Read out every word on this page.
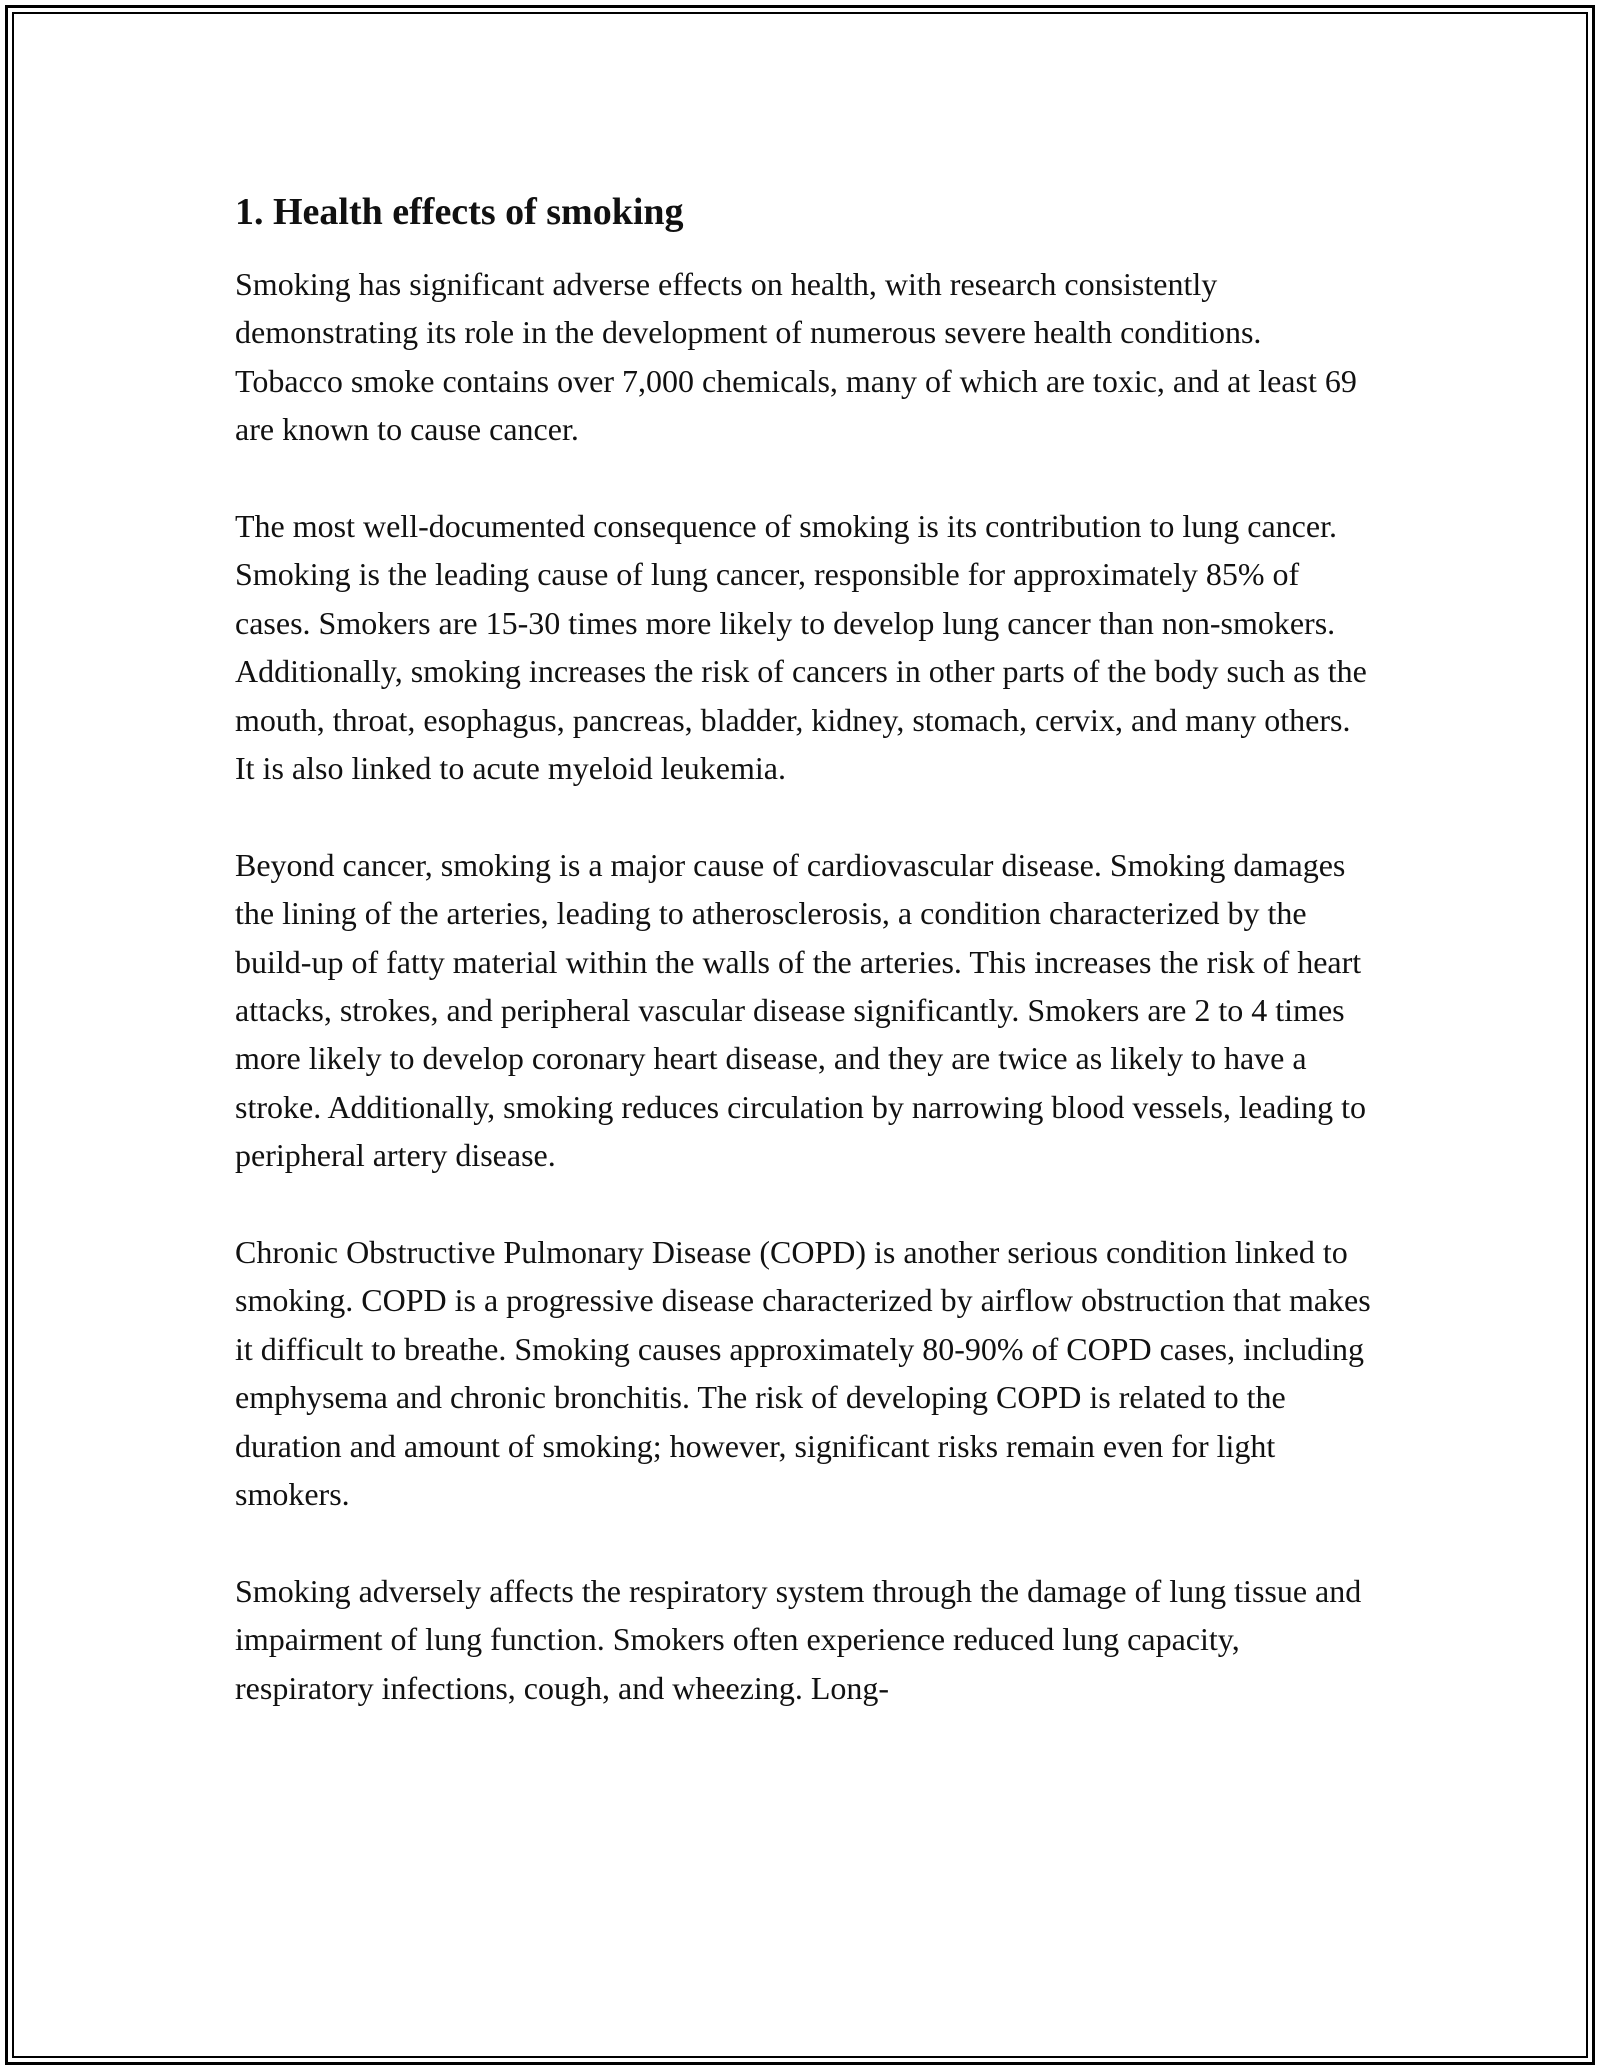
1. Health effects of smoking

Smoking has significant adverse effects on health, with research consistently demonstrating its role in the development of numerous severe health conditions. Tobacco smoke contains over 7,000 chemicals, many of which are toxic, and at least 69 are known to cause cancer.

The most well-documented consequence of smoking is its contribution to lung cancer. Smoking is the leading cause of lung cancer, responsible for approximately 85% of cases. Smokers are 15-30 times more likely to develop lung cancer than non-smokers. Additionally, smoking increases the risk of cancers in other parts of the body such as the mouth, throat, esophagus, pancreas, bladder, kidney, stomach, cervix, and many others. It is also linked to acute myeloid leukemia.

Beyond cancer, smoking is a major cause of cardiovascular disease. Smoking damages the lining of the arteries, leading to atherosclerosis, a condition characterized by the build-up of fatty material within the walls of the arteries. This increases the risk of heart attacks, strokes, and peripheral vascular disease significantly. Smokers are 2 to 4 times more likely to develop coronary heart disease, and they are twice as likely to have a stroke. Additionally, smoking reduces circulation by narrowing blood vessels, leading to peripheral artery disease.

Chronic Obstructive Pulmonary Disease (COPD) is another serious condition linked to smoking. COPD is a progressive disease characterized by airflow obstruction that makes it difficult to breathe. Smoking causes approximately 80-90% of COPD cases, including emphysema and chronic bronchitis. The risk of developing COPD is related to the duration and amount of smoking; however, significant risks remain even for light smokers.

Smoking adversely affects the respiratory system through the damage of lung tissue and impairment of lung function. Smokers often experience reduced lung capacity, respiratory infections, cough, and wheezing. Long-
